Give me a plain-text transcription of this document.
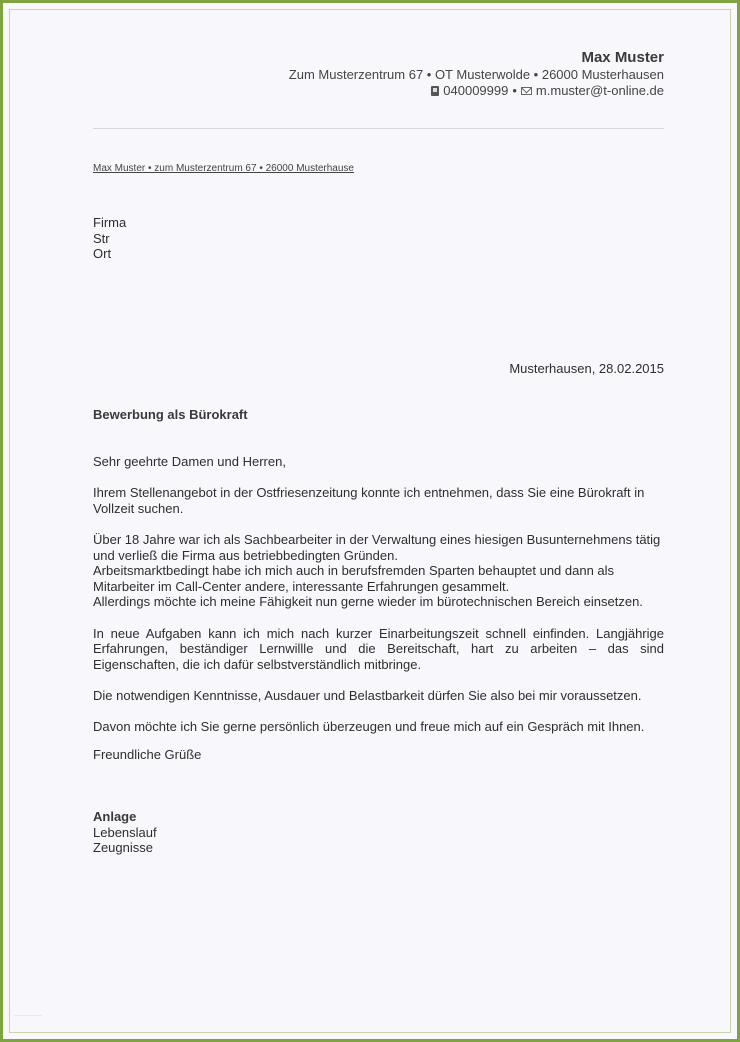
Max Muster
Zum Musterzentrum 67 • OT Musterwolde • 26000 Musterhausen
040009999 • m.muster@t-online.de
Max Muster • zum Musterzentrum 67 • 26000 Musterhause
Firma
Str
Ort
Musterhausen, 28.02.2015
Bewerbung als Bürokraft

Sehr geehrte Damen und Herren,

Ihrem Stellenangebot in der Ostfriesenzeitung konnte ich entnehmen, dass Sie eine Bürokraft in Vollzeit suchen.

Über 18 Jahre war ich als Sachbearbeiter in der Verwaltung eines hiesigen Busunternehmens tätig und verließ die Firma aus betriebbedingten Gründen.
Arbeitsmarktbedingt habe ich mich auch in berufsfremden Sparten behauptet und dann als Mitarbeiter im Call-Center andere, interessante Erfahrungen gesammelt.
Allerdings möchte ich meine Fähigkeit nun gerne wieder im bürotechnischen Bereich einsetzen.

In neue Aufgaben kann ich mich nach kurzer Einarbeitungszeit schnell einfinden. Langjährige Erfahrungen, beständiger Lernwillle und die Bereitschaft, hart zu arbeiten – das sind Eigenschaften, die ich dafür selbstverständlich mitbringe.

Die notwendigen Kenntnisse, Ausdauer und Belastbarkeit dürfen Sie also bei mir voraussetzen.

Davon möchte ich Sie gerne persönlich überzeugen und freue mich auf ein Gespräch mit Ihnen.

Freundliche Grüße
Anlage
Lebenslauf
Zeugnisse
